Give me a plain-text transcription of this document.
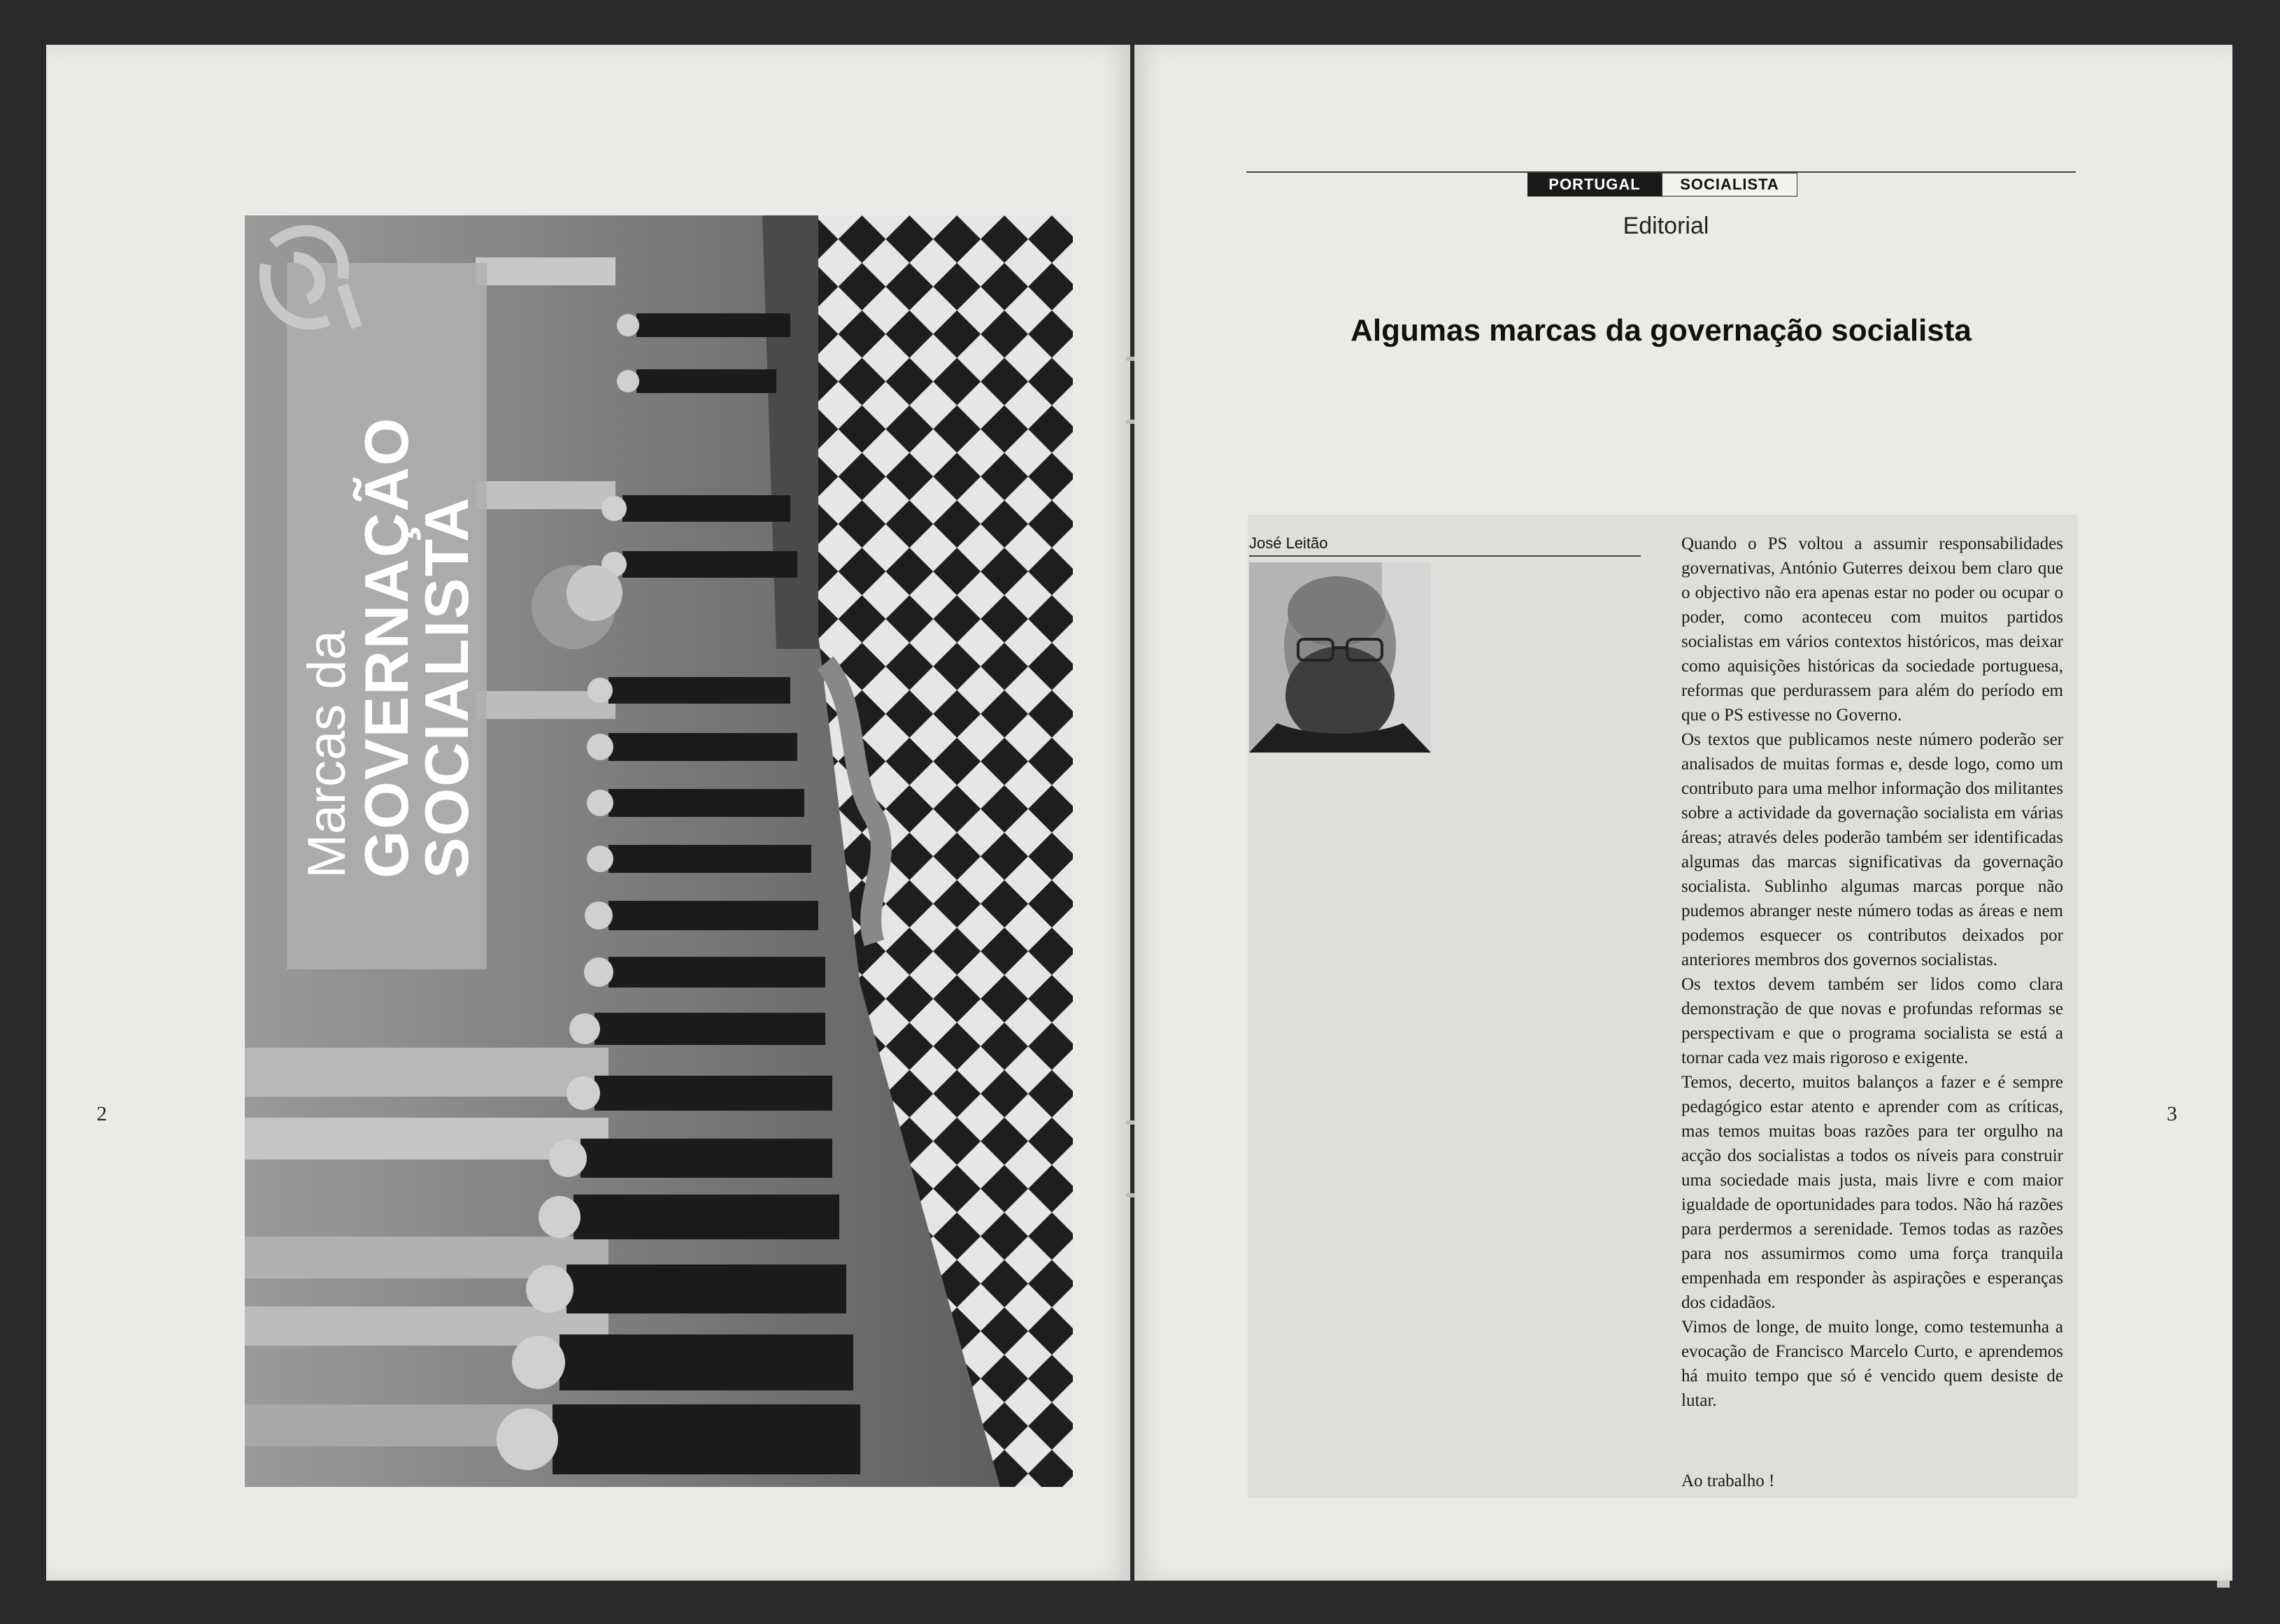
Marcas da
GOVERNAÇÃO
SOCIALISTA
2
PORTUGAL	SOCIALISTA
Editorial
Algumas marcas da governação socialista
José Leitão	Quando o PS voltou a assumir responsabilidades governativas, António Guterres deixou bem claro que o objectivo não era apenas estar no poder ou ocupar o poder, como aconteceu com muitos partidos socialistas em vários contextos históricos, mas deixar como aquisições históricas da sociedade portuguesa, reformas que perdurassem para além do período em que o PS estivesse no Governo.

Os textos que publicamos neste número poderão ser analisados de muitas formas e, desde logo, como um contributo para uma melhor informação dos militantes sobre a actividade da governação socialista em várias áreas; através deles poderão também ser identificadas algumas das marcas significativas da governação socialista. Sublinho algumas marcas porque não pudemos abranger neste número todas as áreas e nem podemos esquecer os contributos deixados por anteriores membros dos governos socialistas.

Os textos devem também ser lidos como clara demonstração de que novas e profundas reformas se perspectivam e que o programa socialista se está a tornar cada vez mais rigoroso e exigente.

Temos, decerto, muitos balanços a fazer e é sempre pedagógico estar atento e aprender com as críticas, mas temos muitas boas razões para ter orgulho na acção dos socialistas a todos os níveis para construir uma sociedade mais justa, mais livre e com maior igualdade de oportunidades para todos. Não há razões para perdermos a serenidade. Temos todas as razões para nos assumirmos como uma força tranquila empenhada em responder às aspirações e esperanças dos cidadãos.

Vimos de longe, de muito longe, como testemunha a evocação de Francisco Marcelo Curto, e aprendemos há muito tempo que só é vencido quem desiste de lutar.

Ao trabalho !
3
